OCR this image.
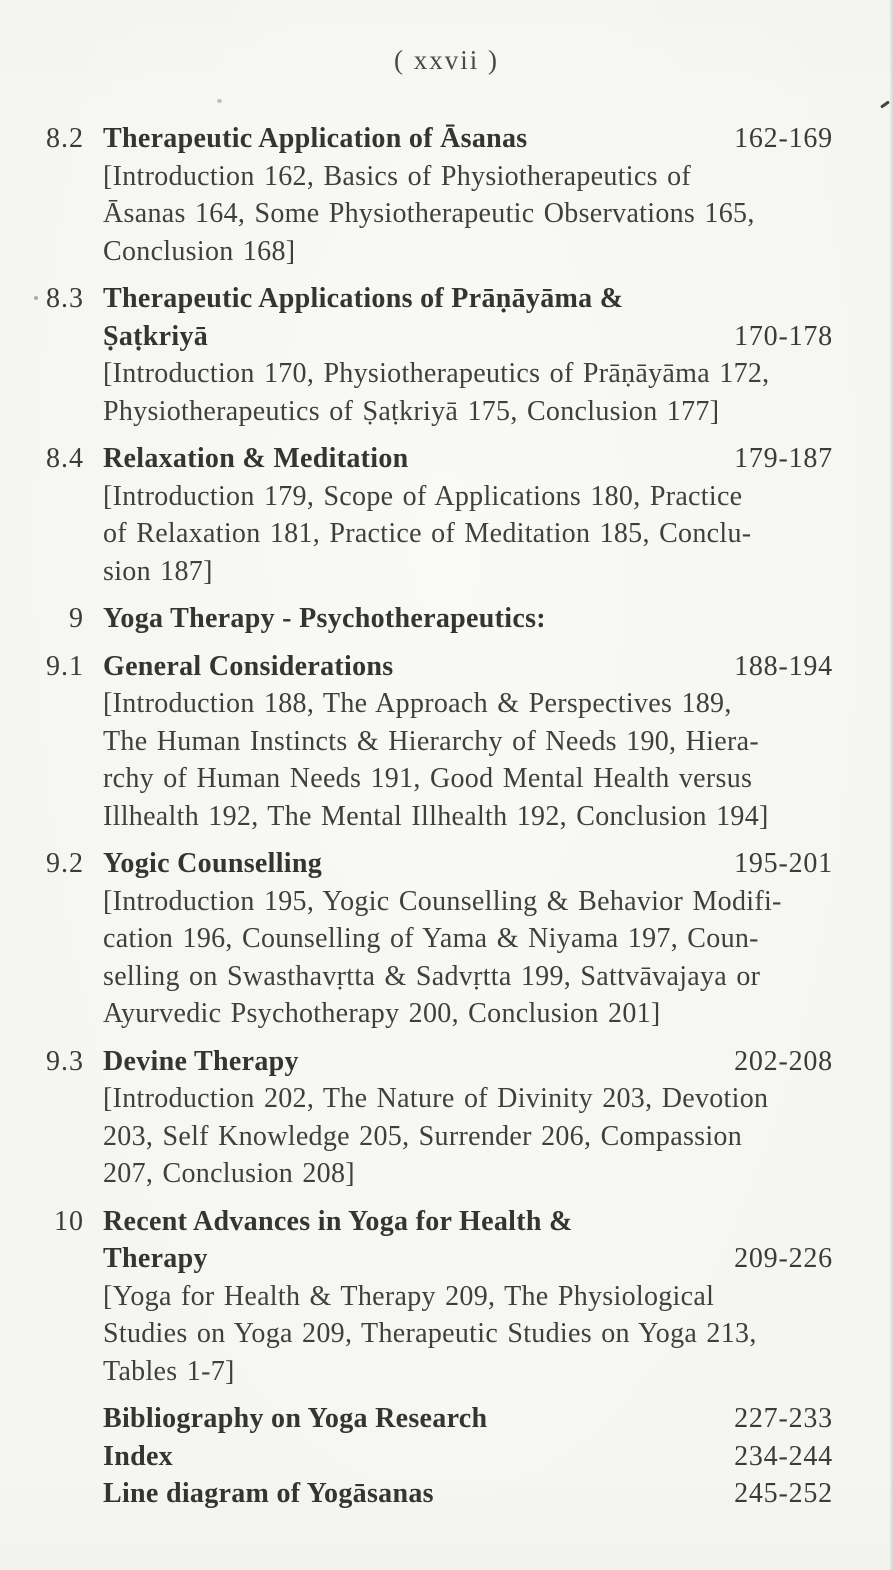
( xxvii )
8.2 Therapeutic Application of Āsanas	162-169
[Introduction 162, Basics of Physiotherapeutics of
Āsanas 164, Some Physiotherapeutic Observations 165,
Conclusion 168]
8.3 Therapeutic Applications of Prāṇāyāma &
Ṣaṭkriyā	170-178
[Introduction 170, Physiotherapeutics of Prāṇāyāma 172,
Physiotherapeutics of Ṣaṭkriyā 175, Conclusion 177]
8.4 Relaxation & Meditation	179-187
[Introduction 179, Scope of Applications 180, Practice
of Relaxation 181, Practice of Meditation 185, Conclu-
sion 187]
9 Yoga Therapy - Psychotherapeutics:
9.1 General Considerations	188-194
[Introduction 188, The Approach & Perspectives 189,
The Human Instincts & Hierarchy of Needs 190, Hiera-
rchy of Human Needs 191, Good Mental Health versus
Illhealth 192, The Mental Illhealth 192, Conclusion 194]
9.2 Yogic Counselling	195-201
[Introduction 195, Yogic Counselling & Behavior Modifi-
cation 196, Counselling of Yama & Niyama 197, Coun-
selling on Swasthavṛtta & Sadvṛtta 199, Sattvāvajaya or
Ayurvedic Psychotherapy 200, Conclusion 201]
9.3 Devine Therapy	202-208
[Introduction 202, The Nature of Divinity 203, Devotion
203, Self Knowledge 205, Surrender 206, Compassion
207, Conclusion 208]
10 Recent Advances in Yoga for Health &
Therapy	209-226
[Yoga for Health & Therapy 209, The Physiological
Studies on Yoga 209, Therapeutic Studies on Yoga 213,
Tables 1-7]
Bibliography on Yoga Research	227-233
Index	234-244
Line diagram of Yogāsanas	245-252
